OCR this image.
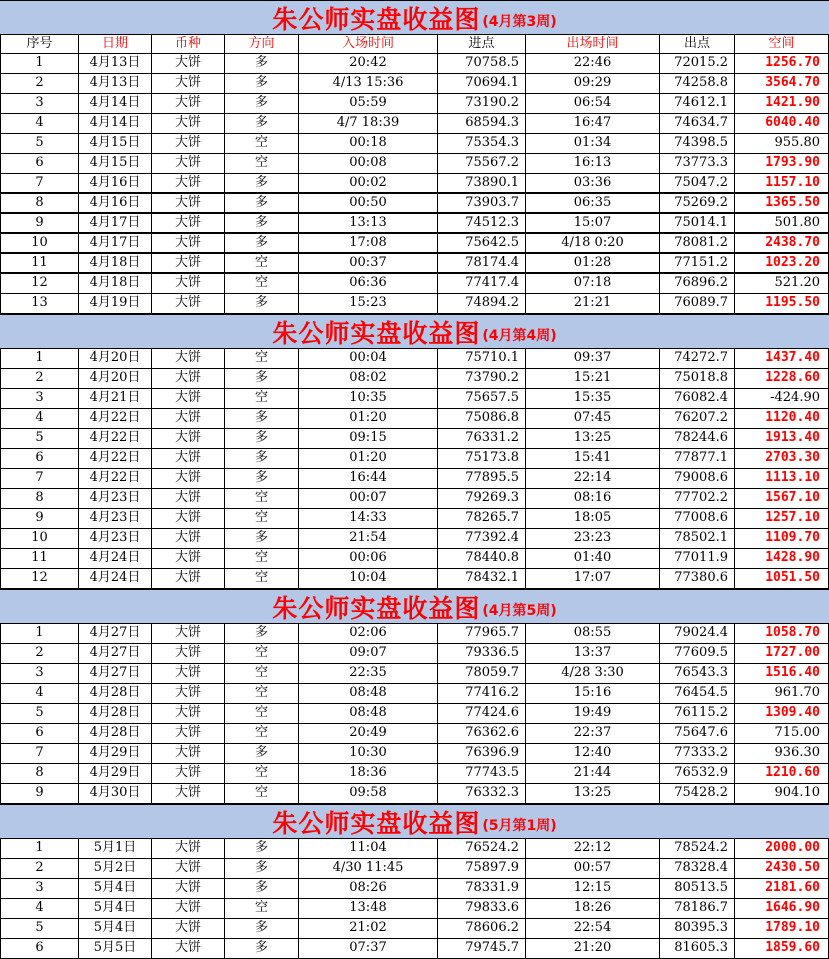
朱公师实盘收益图 (4月第3周)
序号	日期	币种	方向	入场时间	进点	出场时间	出点	空间
1	4月13日	大饼	多	20:42	70758.5	22:46	72015.2	1256.70
2	4月13日	大饼	多	4/13 15:36	70694.1	09:29	74258.8	3564.70
3	4月14日	大饼	多	05:59	73190.2	06:54	74612.1	1421.90
4	4月14日	大饼	多	4/7 18:39	68594.3	16:47	74634.7	6040.40
5	4月15日	大饼	空	00:18	75354.3	01:34	74398.5	955.80
6	4月15日	大饼	空	00:08	75567.2	16:13	73773.3	1793.90
7	4月16日	大饼	多	00:02	73890.1	03:36	75047.2	1157.10
8	4月16日	大饼	多	00:50	73903.7	06:35	75269.2	1365.50
9	4月17日	大饼	多	13:13	74512.3	15:07	75014.1	501.80
10	4月17日	大饼	多	17:08	75642.5	4/18 0:20	78081.2	2438.70
11	4月18日	大饼	空	00:37	78174.4	01:28	77151.2	1023.20
12	4月18日	大饼	空	06:36	77417.4	07:18	76896.2	521.20
13	4月19日	大饼	多	15:23	74894.2	21:21	76089.7	1195.50
朱公师实盘收益图 (4月第4周)
1	4月20日	大饼	空	00:04	75710.1	09:37	74272.7	1437.40
2	4月20日	大饼	多	08:02	73790.2	15:21	75018.8	1228.60
3	4月21日	大饼	空	10:35	75657.5	15:35	76082.4	-424.90
4	4月22日	大饼	多	01:20	75086.8	07:45	76207.2	1120.40
5	4月22日	大饼	多	09:15	76331.2	13:25	78244.6	1913.40
6	4月22日	大饼	多	01:20	75173.8	15:41	77877.1	2703.30
7	4月22日	大饼	多	16:44	77895.5	22:14	79008.6	1113.10
8	4月23日	大饼	空	00:07	79269.3	08:16	77702.2	1567.10
9	4月23日	大饼	空	14:33	78265.7	18:05	77008.6	1257.10
10	4月23日	大饼	多	21:54	77392.4	23:23	78502.1	1109.70
11	4月24日	大饼	空	00:06	78440.8	01:40	77011.9	1428.90
12	4月24日	大饼	空	10:04	78432.1	17:07	77380.6	1051.50
朱公师实盘收益图 (4月第5周)
1	4月27日	大饼	多	02:06	77965.7	08:55	79024.4	1058.70
2	4月27日	大饼	空	09:07	79336.5	13:37	77609.5	1727.00
3	4月27日	大饼	空	22:35	78059.7	4/28 3:30	76543.3	1516.40
4	4月28日	大饼	空	08:48	77416.2	15:16	76454.5	961.70
5	4月28日	大饼	空	08:48	77424.6	19:49	76115.2	1309.40
6	4月28日	大饼	空	20:49	76362.6	22:37	75647.6	715.00
7	4月29日	大饼	多	10:30	76396.9	12:40	77333.2	936.30
8	4月29日	大饼	空	18:36	77743.5	21:44	76532.9	1210.60
9	4月30日	大饼	空	09:58	76332.3	13:25	75428.2	904.10
朱公师实盘收益图 (5月第1周)
1	5月1日	大饼	多	11:04	76524.2	22:12	78524.2	2000.00
2	5月2日	大饼	多	4/30 11:45	75897.9	00:57	78328.4	2430.50
3	5月4日	大饼	多	08:26	78331.9	12:15	80513.5	2181.60
4	5月4日	大饼	空	13:48	79833.6	18:26	78186.7	1646.90
5	5月4日	大饼	多	21:02	78606.2	22:54	80395.3	1789.10
6	5月5日	大饼	多	07:37	79745.7	21:20	81605.3	1859.60
